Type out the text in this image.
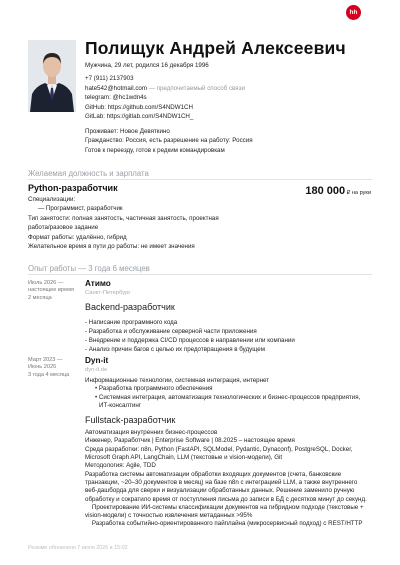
hh
Полищук Андрей Алексеевич
Мужчина, 29 лет, родился 16 декабря 1996
+7 (911) 2137903
hate542@hotmail.com — предпочитаемый способ связи
telegram: @hc1wdn4s
GitHub: https://github.com/S4NDW1CH
GitLab: https://gitlab.com/S4NDW1CH_
Проживает: Новое Девяткино
Гражданство: Россия, есть разрешение на работу: Россия
Готов к переезду, готов к редким командировкам
Желаемая должность и зарплата
Python-разработчик	180 000 ₽ на руки
Специализации:
— Программист, разработчик
Тип занятости: полная занятость, частичная занятость, проектная
работа/разовое задание
Формат работы: удалённо, гибрид
Желательное время в пути до работы: не имеет значения
Опыт работы — 3 года 6 месяцев
Июль 2026 —
настоящее время
2 месяца
Атимо
Санкт-Петербург
Backend-разработчик
- Написание программного кода
- Разработка и обслуживание серверной части приложения
- Внедрение и поддержка CI/CD процессов в направлении или компании
- Анализ причин багов с целью их предотвращения в будущем
Март 2023 —
Июнь 2026
3 года 4 месяца
Dyn-it
dyn-it.de
Информационные технологии, системная интеграция, интернет
• Разработка программного обеспечения
• Системная интеграция, автоматизация технологических и бизнес-процессов предприятия,
ИТ-консалтинг
Fullstack-разработчик
Автоматизация внутренних бизнес-процессов
Инженер, Разработчик | Enterprise Software | 08.2025 – настоящее время
Среда разработки: n8n, Python (FastAPI, SQLModel, Pydantic, Dynaconf), PostgreSQL, Docker,
Microsoft Graph API, LangChain, LLM (текстовые и vision-модели), Git
Методология: Agile, TDD
Разработка системы автоматизации обработки входящих документов (счета, банковские
транзакции, ~20–30 документов в месяц) на базе n8n с интеграцией LLM, а также внутреннего
веб-дашборда для сверки и визуализации обработанных данных. Решение заменило ручную
обработку и сократило время от поступления письма до записи в БД с десятков минут до секунд.
Проектирование ИИ-системы классификации документов на гибридном подходе (текстовые +
vision-модели) с точностью извлечения метаданных >95%
Разработка событийно-ориентированного пайплайна (микросервисный подход) с REST/HTTP
Резюме обновлено 7 июля 2026 в 15:02
